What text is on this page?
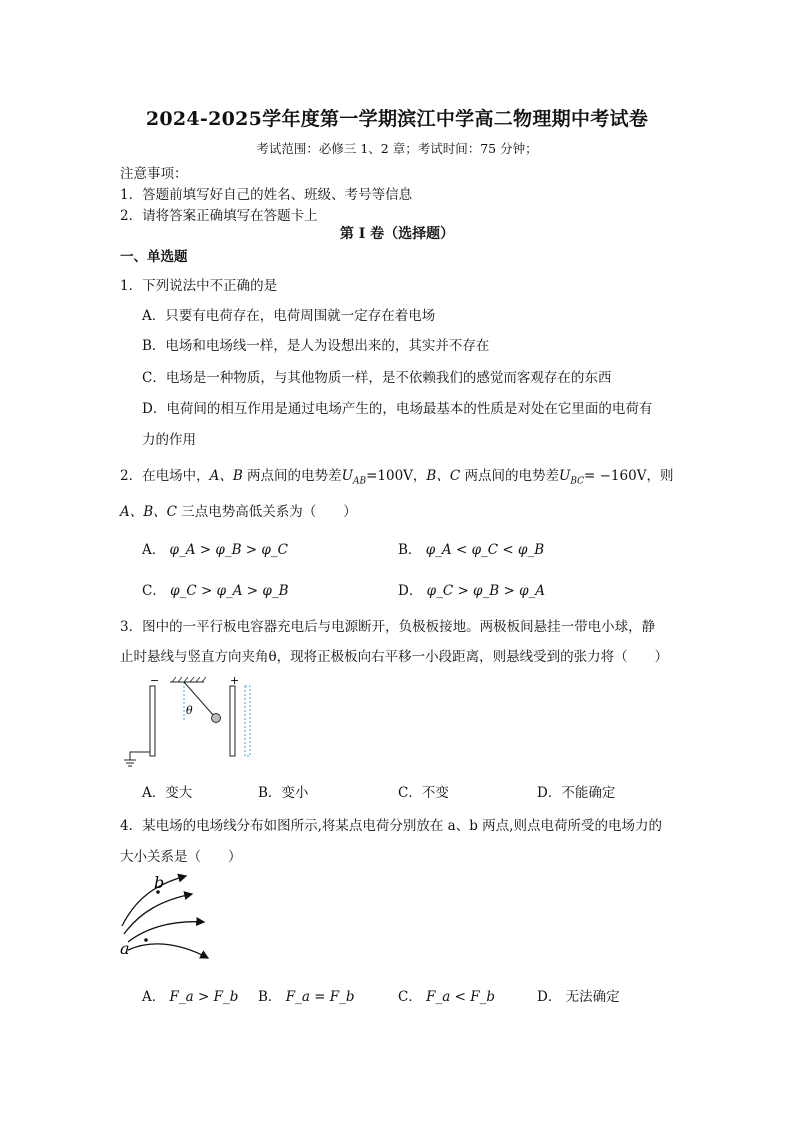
2024-2025学年度第一学期滨江中学高二物理期中考试卷
考试范围：必修三 1、2 章；考试时间：75 分钟；
注意事项：
1．答题前填写好自己的姓名、班级、考号等信息
2．请将答案正确填写在答题卡上
第 I 卷（选择题）
一、单选题
1．下列说法中不正确的是
A．只要有电荷存在，电荷周围就一定存在着电场
B．电场和电场线一样，是人为设想出来的，其实并不存在
C．电场是一种物质，与其他物质一样，是不依赖我们的感觉而客观存在的东西
D．电荷间的相互作用是通过电场产生的，电场最基本的性质是对处在它里面的电荷有
力的作用
2．在电场中，A、B 两点间的电势差$U_{AB}=100V$，B、C 两点间的电势差$U_{BC}= -160V$，则
A、B、C 三点电势高低关系为（　　）
A． φ_A > φ_B > φ_C	B． φ_A < φ_C < φ_B
C． φ_C > φ_A > φ_B	D． φ_C > φ_B > φ_A
3．图中的一平行板电容器充电后与电源断开，负极板接地。两极板间悬挂一带电小球，静
止时悬线与竖直方向夹角θ，现将正极板向右平移一小段距离，则悬线受到的张力将（　　）
−	+
θ
A．变大	B．变小	C．不变	D．不能确定
4．某电场的电场线分布如图所示,将某点电荷分别放在 a、b 两点,则点电荷所受的电场力的
大小关系是（　　）
b
a
A． F_a > F_b B． F_a = F_b	C． F_a < F_b	D． 无法确定
